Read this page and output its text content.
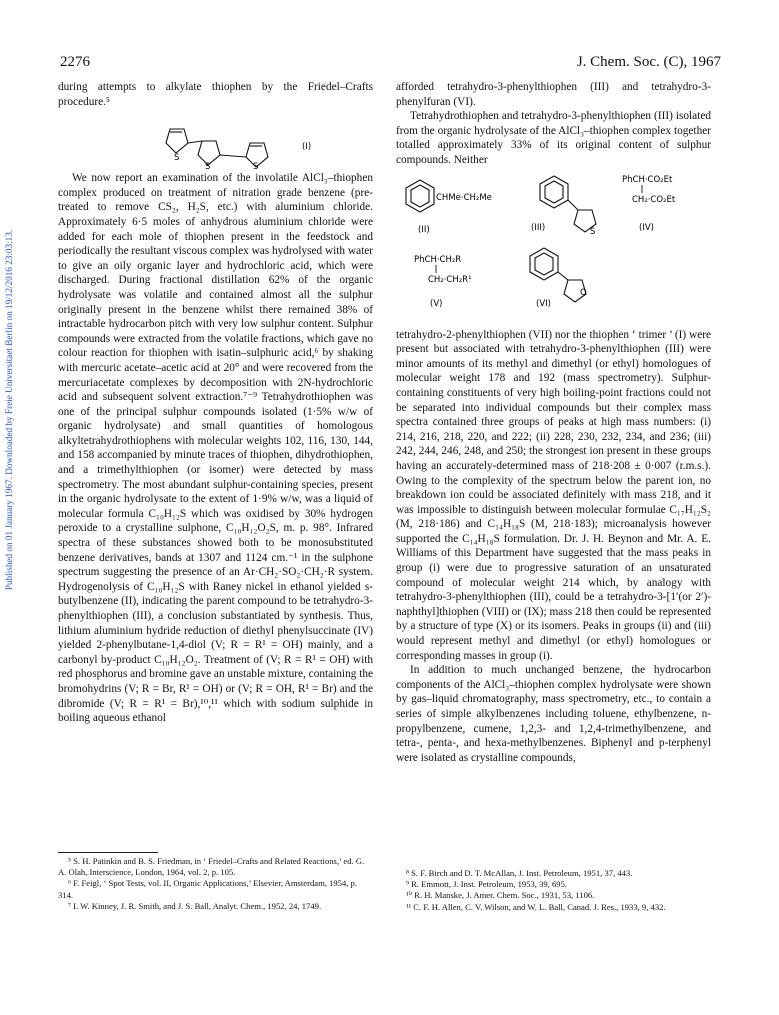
2276	J. Chem. Soc. (C), 1967
Published on 01 January 1967. Downloaded by Freie Universitaet Berlin on 19/12/2016 23:03:13.

during attempts to alkylate thiophen by the Friedel–Crafts procedure.⁵

S
S	S
(I)

We now report an examination of the involatile AlCl₃–thiophen complex produced on treatment of nitration grade benzene (pre-treated to remove CS₂, H₂S, etc.) with aluminium chloride. Approximately 6·5 moles of anhydrous aluminium chloride were added for each mole of thiophen present in the feedstock and periodically the resultant viscous complex was hydrolysed with water to give an oily organic layer and hydrochloric acid, which were discharged. During fractional distillation 62% of the organic hydrolysate was volatile and contained almost all the sulphur originally present in the benzene whilst there remained 38% of intractable hydrocarbon pitch with very low sulphur content. Sulphur compounds were extracted from the volatile fractions, which gave no colour reaction for thiophen with isatin–sulphuric acid,⁶ by shaking with mercuric acetate–acetic acid at 20° and were recovered from the mercuriacetate complexes by decomposition with 2N-hydrochloric acid and subsequent solvent extraction.⁷⁻⁹ Tetrahydrothiophen was one of the principal sulphur compounds isolated (1·5% w/w of organic hydrolysate) and small quantities of homologous alkyltetrahydrothiophens with molecular weights 102, 116, 130, 144, and 158 accompanied by minute traces of thiophen, dihydrothiophen, and a trimethylthiophen (or isomer) were detected by mass spectrometry. The most abundant sulphur-containing species, present in the organic hydrolysate to the extent of 1·9% w/w, was a liquid of molecular formula C₁₀H₁₂S which was oxidised by 30% hydrogen peroxide to a crystalline sulphone, C₁₀H₁₂O₂S, m. p. 98°. Infrared spectra of these substances showed both to be monosubstituted benzene derivatives, bands at 1307 and 1124 cm.⁻¹ in the sulphone spectrum suggesting the presence of an Ar·CH₂·SO₂·CH₂·R system. Hydrogenolysis of C₁₀H₁₂S with Raney nickel in ethanol yielded s-butylbenzene (II), indicating the parent compound to be tetrahydro-3-phenylthiophen (III), a conclusion substantiated by synthesis. Thus, lithium aluminium hydride reduction of diethyl phenylsuccinate (IV) yielded 2-phenylbutane-1,4-diol (V; R = R¹ = OH) mainly, and a carbonyl by-product C₁₀H₁₂O₂. Treatment of (V; R = R¹ = OH) with red phosphorus and bromine gave an unstable mixture, containing the bromohydrins (V; R = Br, R¹ = OH) or (V; R = OH, R¹ = Br) and the dibromide (V; R = R¹ = Br),¹⁰,¹¹ which with sodium sulphide in boiling aqueous ethanol

afforded tetrahydro-3-phenylthiophen (III) and tetrahydro-3-phenylfuran (VI).

Tetrahydrothiophen and tetrahydro-3-phenylthiophen (III) isolated from the organic hydrolysate of the AlCl₃–thiophen complex together totalled approximately 33% of its original content of sulphur compounds. Neither

CHMe·CH₂Me
(II)	(III)	S
PhCH·CO₂Et
CH₂·CO₂Et
(IV)
PhCH·CH₂R
CH₂·CH₂R¹
(V)
O
(VI)

tetrahydro-2-phenylthiophen (VII) nor the thiophen ‘ trimer ’ (I) were present but associated with tetrahydro-3-phenylthiophen (III) were minor amounts of its methyl and dimethyl (or ethyl) homologues of molecular weight 178 and 192 (mass spectrometry). Sulphur-containing constituents of very high boiling-point fractions could not be separated into individual compounds but their complex mass spectra contained three groups of peaks at high mass numbers: (i) 214, 216, 218, 220, and 222; (ii) 228, 230, 232, 234, and 236; (iii) 242, 244, 246, 248, and 250; the strongest ion present in these groups having an accurately-determined mass of 218·208 ± 0·007 (r.m.s.). Owing to the complexity of the spectrum below the parent ion, no breakdown ion could be associated definitely with mass 218, and it was impossible to distinguish between molecular formulae C₁₇H₁₂S₂ (M, 218·186) and C₁₄H₁₈S (M, 218·183); microanalysis however supported the C₁₄H₁₈S formulation. Dr. J. H. Beynon and Mr. A. E. Williams of this Department have suggested that the mass peaks in group (i) were due to progressive saturation of an unsaturated compound of molecular weight 214 which, by analogy with tetrahydro-3-phenylthiophen (III), could be a tetrahydro-3-[1′(or 2′)-naphthyl]thiophen (VIII) or (IX); mass 218 then could be represented by a structure of type (X) or its isomers. Peaks in groups (ii) and (iii) would represent methyl and dimethyl (or ethyl) homologues or corresponding masses in group (i).

In addition to much unchanged benzene, the hydrocarbon components of the AlCl₃–thiophen complex hydrolysate were shown by gas–liquid chromatography, mass spectrometry, etc., to contain a series of simple alkylbenzenes including toluene, ethylbenzene, n-propylbenzene, cumene, 1,2,3- and 1,2,4-trimethylbenzene, and tetra-, penta-, and hexa-methylbenzenes. Biphenyl and p-terphenyl were isolated as crystalline compounds,

⁵ S. H. Patinkin and B. S. Friedman, in ‘ Friedel–Crafts and Related Reactions,’ ed. G. A. Olah, Interscience, London, 1964, vol. 2, p. 105.

⁶ F. Feigl, ‘ Spot Tests, vol. II, Organic Applications,’ Elsevier, Amsterdam, 1954, p. 314.

⁷ I. W. Kinney, J. R. Smith, and J. S. Ball, Analyt. Chem., 1952, 24, 1749.

⁸ S. F. Birch and D. T. McAllan, J. Inst. Petroleum, 1951, 37, 443.

⁹ R. Emmott, J. Inst. Petroleum, 1953, 39, 695.

¹⁰ R. H. Manske, J. Amer. Chem. Soc., 1931, 53, 1106.

¹¹ C. F. H. Allen, C. V. Wilson, and W. L. Ball, Canad. J. Res., 1933, 9, 432.
